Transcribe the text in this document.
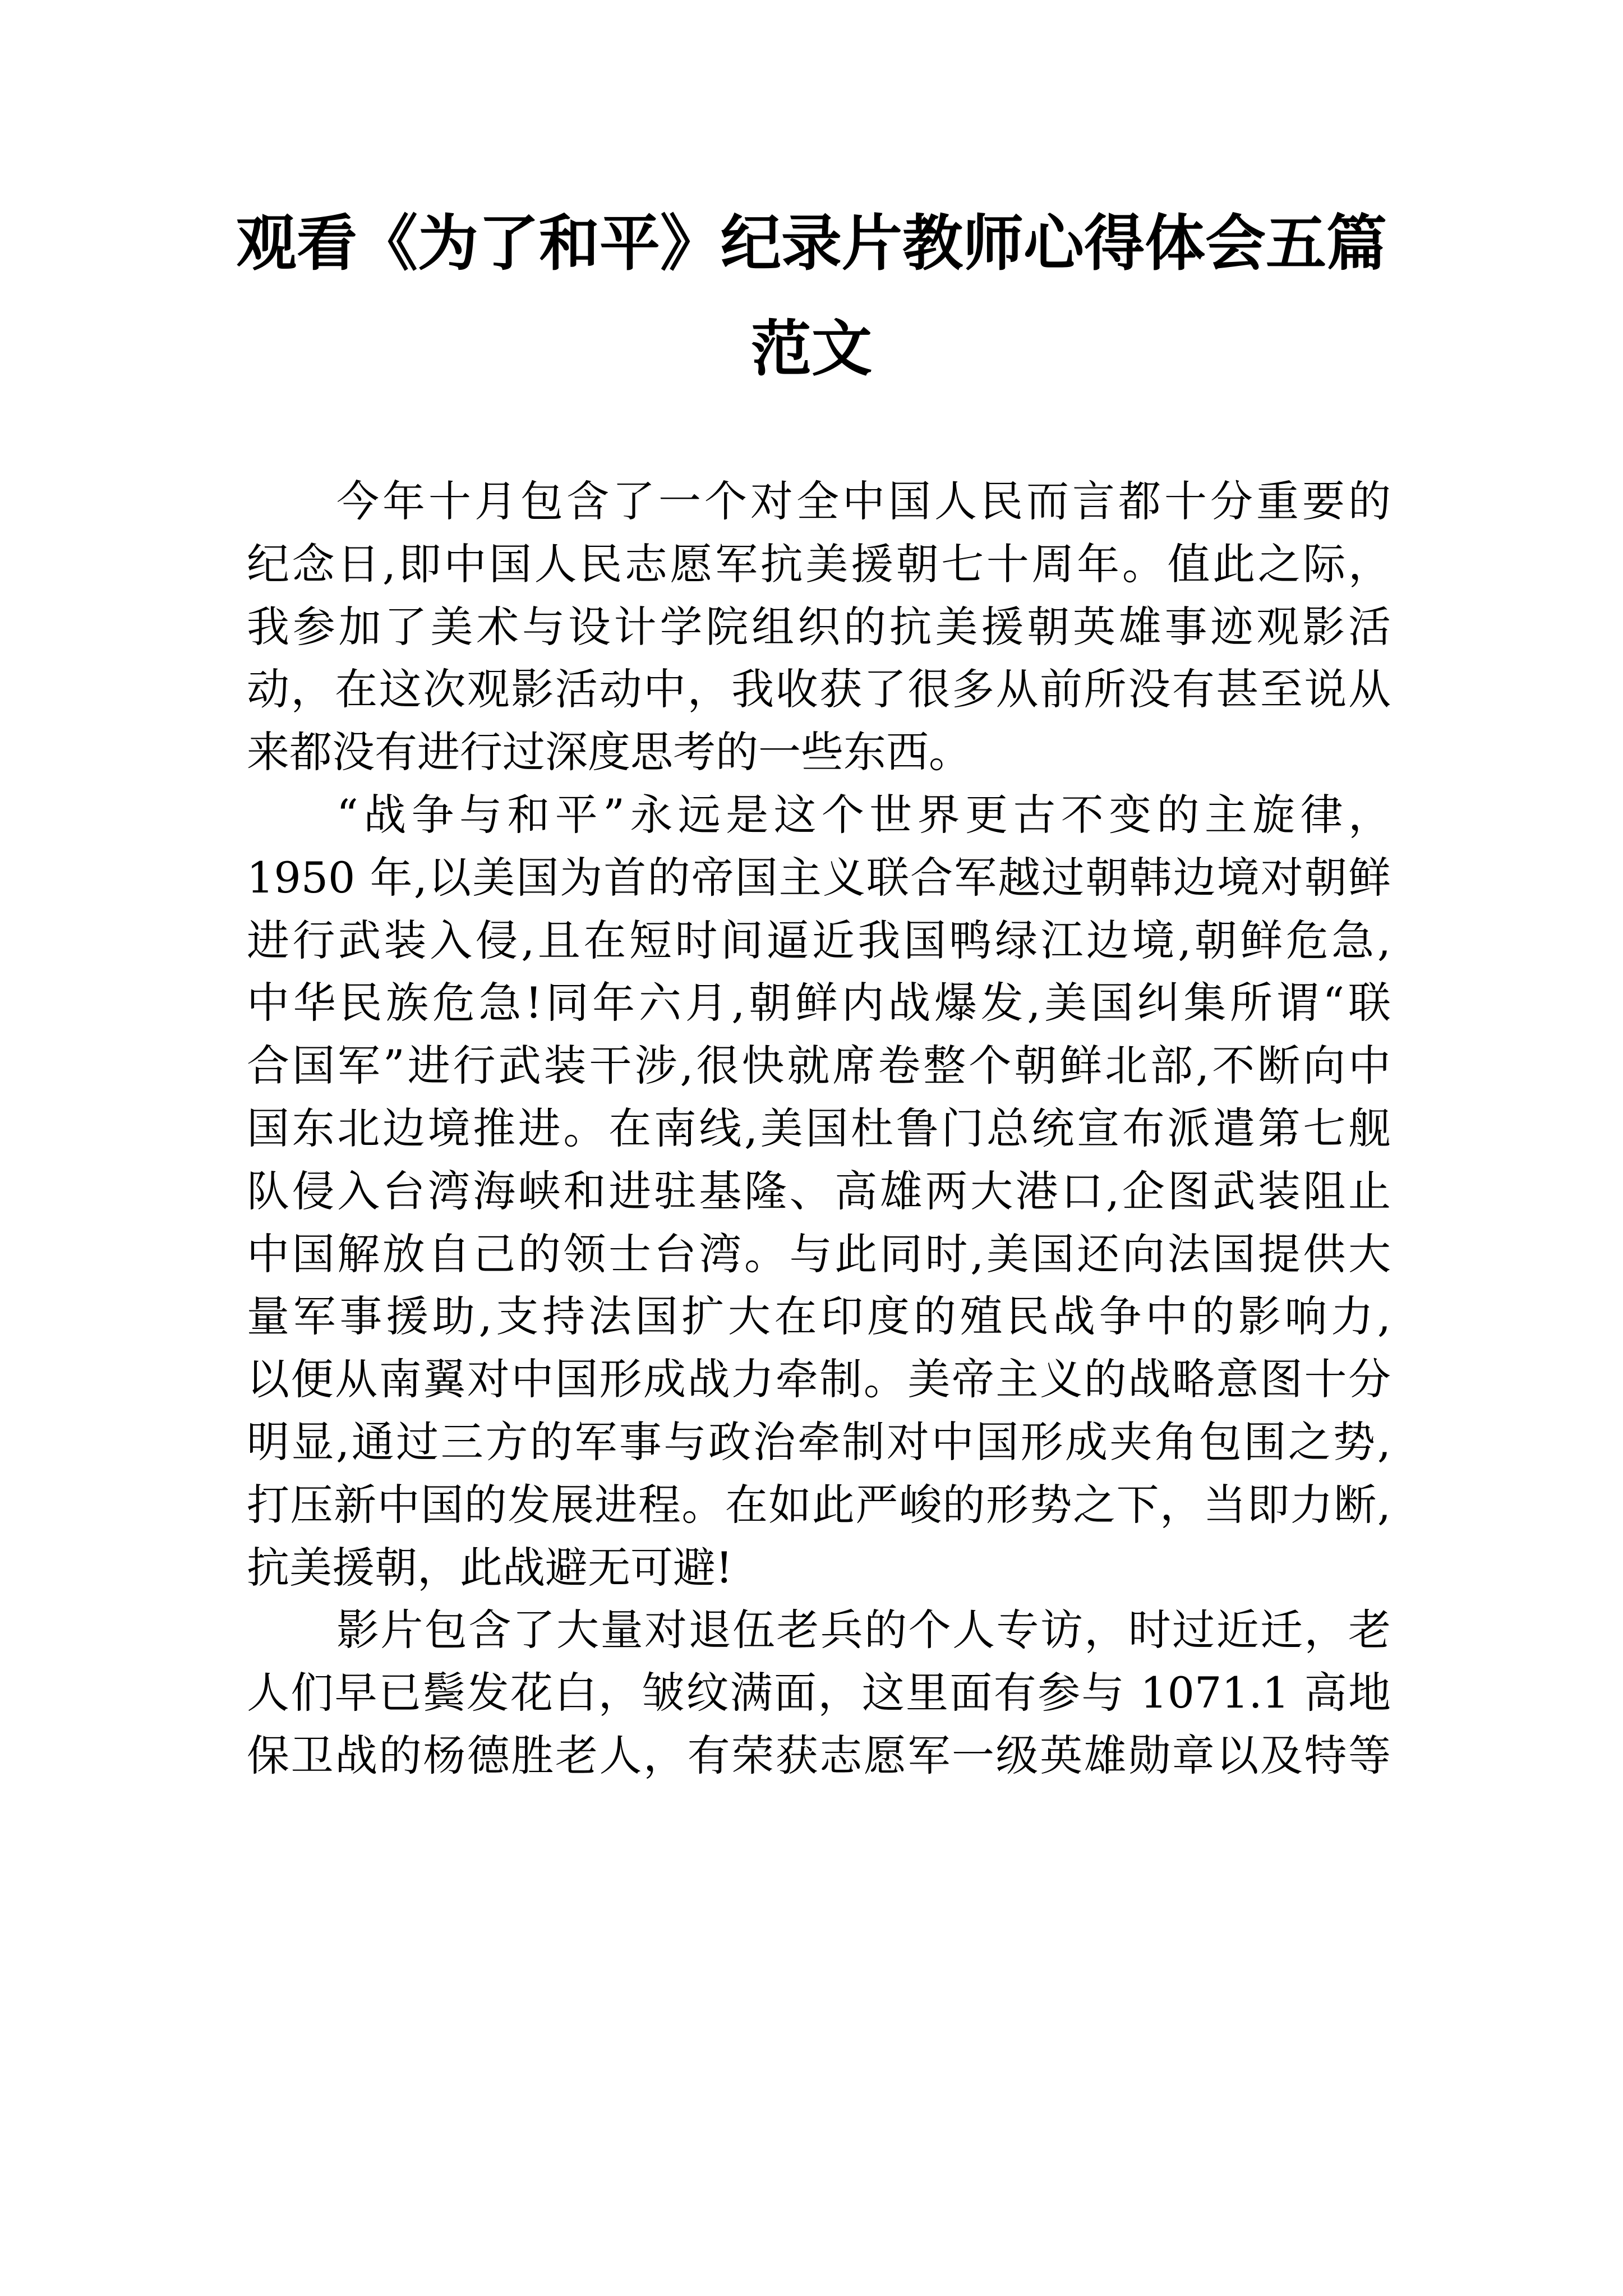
观看《为了和平》纪录片教师心得体会五篇
范文
今年十月包含了一个对全中国人民而言都十分重要的
纪念日,即中国人民志愿军抗美援朝七十周年。值此之际，
我参加了美术与设计学院组织的抗美援朝英雄事迹观影活
动，在这次观影活动中，我收获了很多从前所没有甚至说从
来都没有进行过深度思考的一些东西。
“战争与和平”永远是这个世界更古不变的主旋律，
1950 年,以美国为首的帝国主义联合军越过朝韩边境对朝鲜
进行武装入侵,且在短时间逼近我国鸭绿江边境,朝鲜危急,
中华民族危急!同年六月,朝鲜内战爆发,美国纠集所谓“联
合国军”进行武装干涉,很快就席卷整个朝鲜北部,不断向中
国东北边境推进。在南线,美国杜鲁门总统宣布派遣第七舰
队侵入台湾海峡和进驻基隆、高雄两大港口,企图武装阻止
中国解放自己的领士台湾。与此同时,美国还向法国提供大
量军事援助,支持法国扩大在印度的殖民战争中的影响力,
以便从南翼对中国形成战力牵制。美帝主义的战略意图十分
明显,通过三方的军事与政治牵制对中国形成夹角包围之势,
打压新中国的发展进程。在如此严峻的形势之下，当即力断,
抗美援朝，此战避无可避!
影片包含了大量对退伍老兵的个人专访，时过近迁，老
人们早已鬓发花白，皱纹满面，这里面有参与 1071.1 高地
保卫战的杨德胜老人，有荣获志愿军一级英雄勋章以及特等
